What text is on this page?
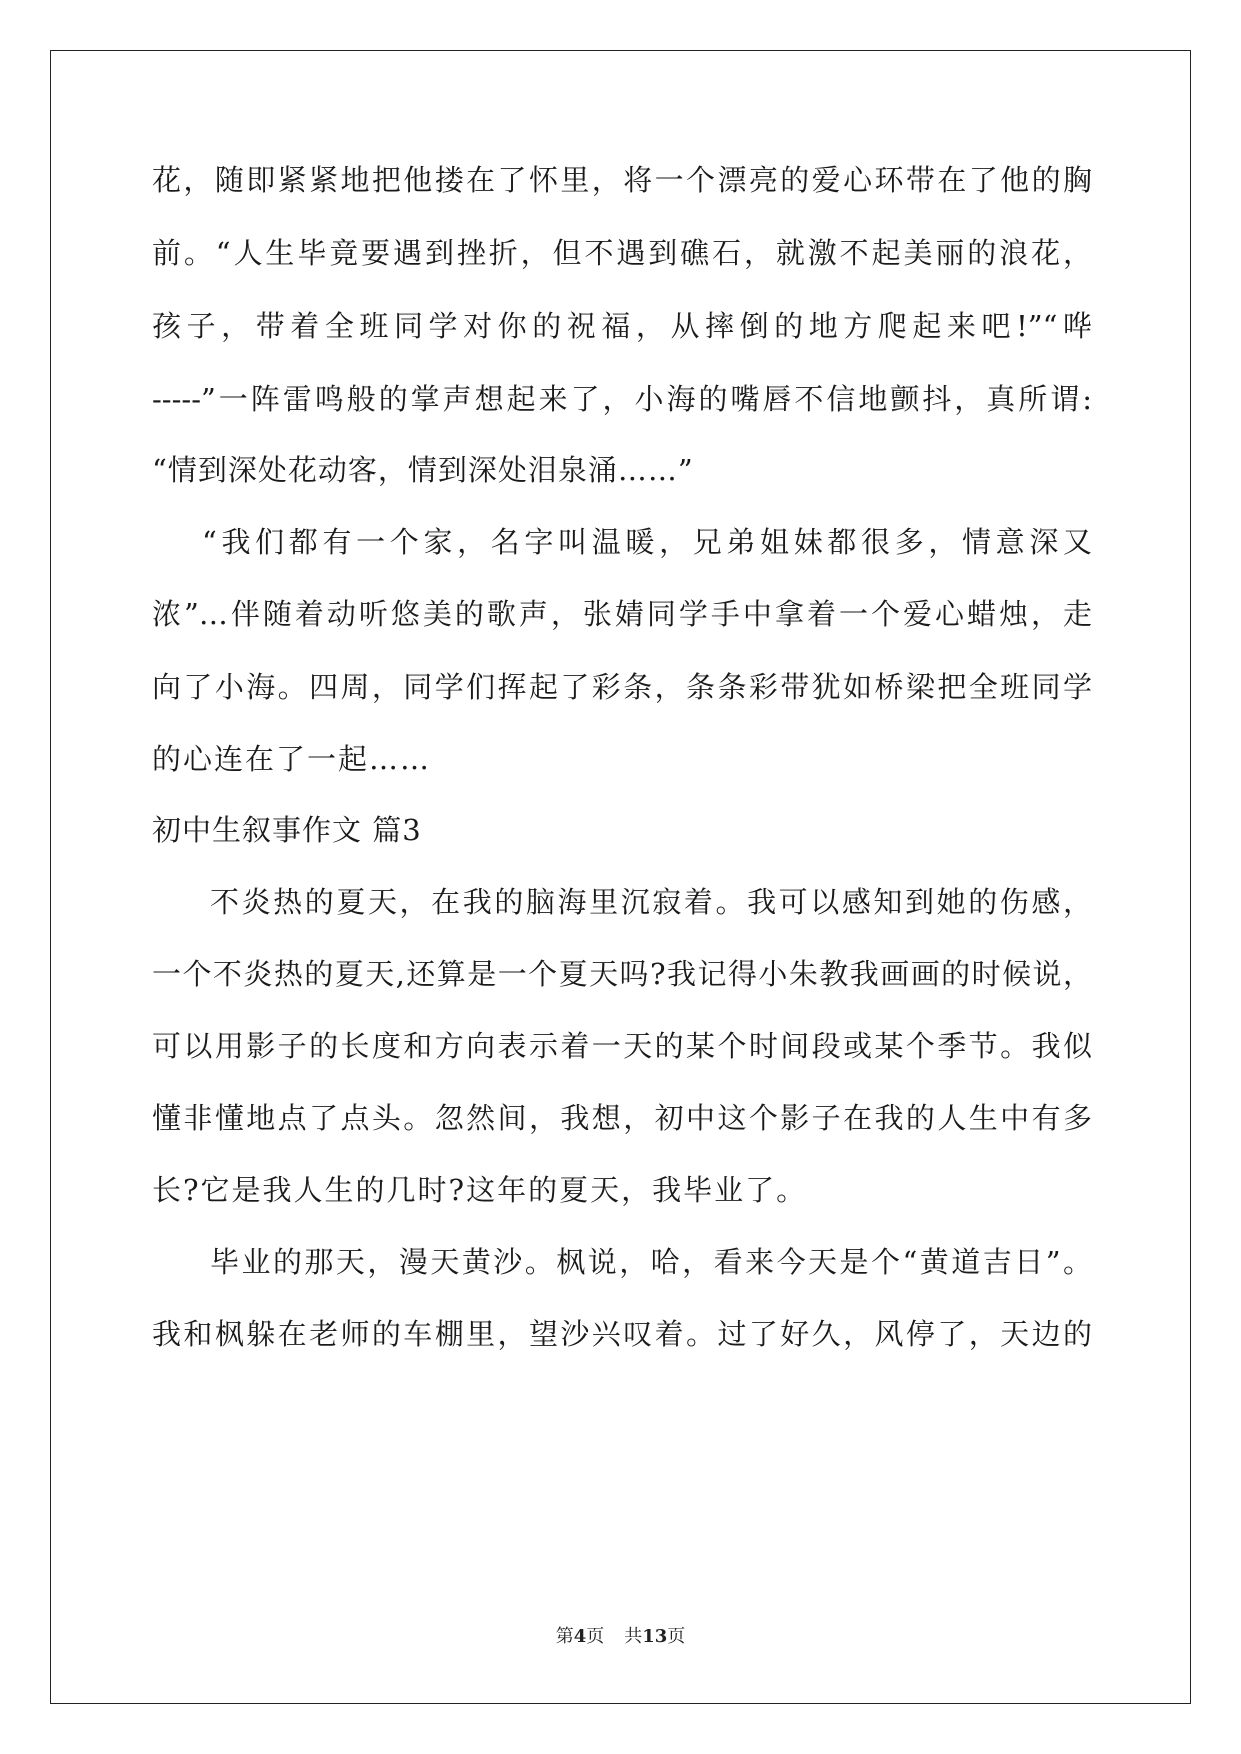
花，随即紧紧地把他搂在了怀里，将一个漂亮的爱心环带在了他的胸
前。“人生毕竟要遇到挫折，但不遇到礁石，就激不起美丽的浪花，
孩子，带着全班同学对你的祝福，从摔倒的地方爬起来吧!”“哗
-----”一阵雷鸣般的掌声想起来了，小海的嘴唇不信地颤抖，真所谓:
“情到深处花动客，情到深处泪泉涌……”
“我们都有一个家，名字叫温暖，兄弟姐妹都很多，情意深又
浓”…伴随着动听悠美的歌声，张婧同学手中拿着一个爱心蜡烛，走
向了小海。四周，同学们挥起了彩条，条条彩带犹如桥梁把全班同学
的心连在了一起……
初中生叙事作文 篇3
不炎热的夏天，在我的脑海里沉寂着。我可以感知到她的伤感，
一个不炎热的夏天,还算是一个夏天吗?我记得小朱教我画画的时候说，
可以用影子的长度和方向表示着一天的某个时间段或某个季节。我似
懂非懂地点了点头。忽然间，我想，初中这个影子在我的人生中有多
长?它是我人生的几时?这年的夏天，我毕业了。
毕业的那天，漫天黄沙。枫说，哈，看来今天是个“黄道吉日”。
我和枫躲在老师的车棚里，望沙兴叹着。过了好久，风停了，天边的
第4页 共13页
